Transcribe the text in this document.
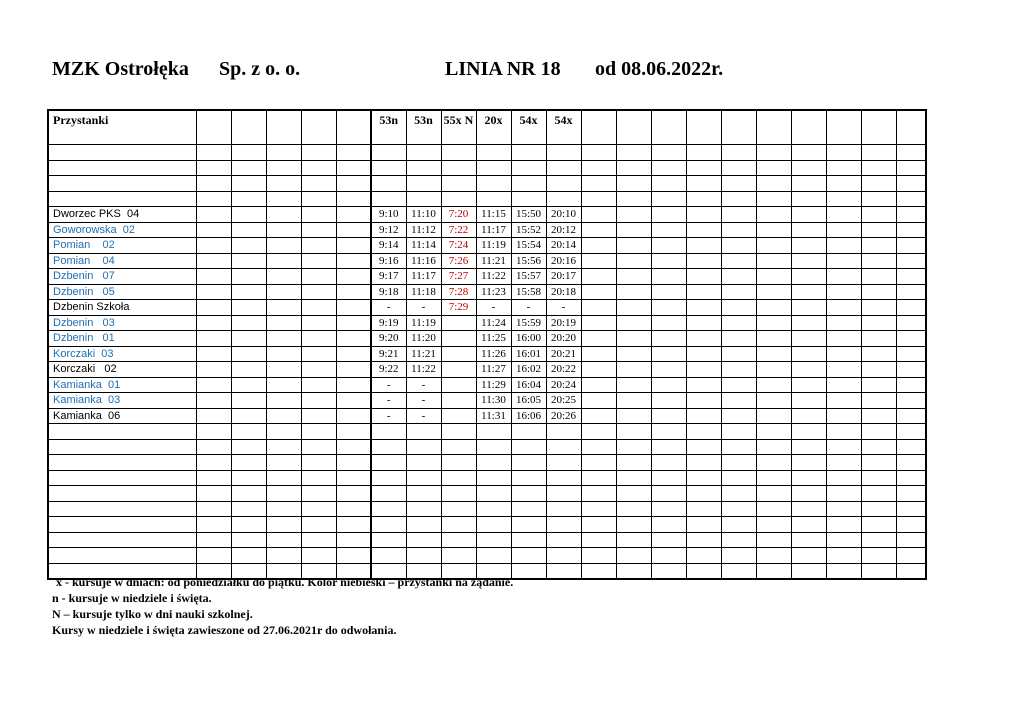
MZK Ostrołęka Sp. z o. o.	LINIA NR 18 od 08.06.2022r.
Przystanki						53n	53n	55x N	20x	54x	54x										

Dworzec PKS  04						9:10	11:10	7:20	11:15	15:50	20:10										
Goworowska  02						9:12	11:12	7:22	11:17	15:52	20:12										
Pomian    02						9:14	11:14	7:24	11:19	15:54	20:14										
Pomian    04						9:16	11:16	7:26	11:21	15:56	20:16										
Dzbenin   07						9:17	11:17	7:27	11:22	15:57	20:17										
Dzbenin   05						9:18	11:18	7:28	11:23	15:58	20:18										
Dzbenin Szkoła						-	-	7:29	-	-	-										
Dzbenin   03						9:19	11:19		11:24	15:59	20:19										
Dzbenin   01						9:20	11:20		11:25	16:00	20:20										
Korczaki  03						9:21	11:21		11:26	16:01	20:21										
Korczaki   02						9:22	11:22		11:27	16:02	20:22										
Kamianka  01						-	-		11:29	16:04	20:24										
Kamianka  03						-	-		11:30	16:05	20:25										
Kamianka  06						-	-		11:31	16:06	20:26										

x - kursuje w dniach: od poniedziałku do piątku. Kolor niebieski – przystanki na żądanie.
n - kursuje w niedziele i święta.
N – kursuje tylko w dni nauki szkolnej.
Kursy w niedziele i święta zawieszone od 27.06.2021r do odwołania.
